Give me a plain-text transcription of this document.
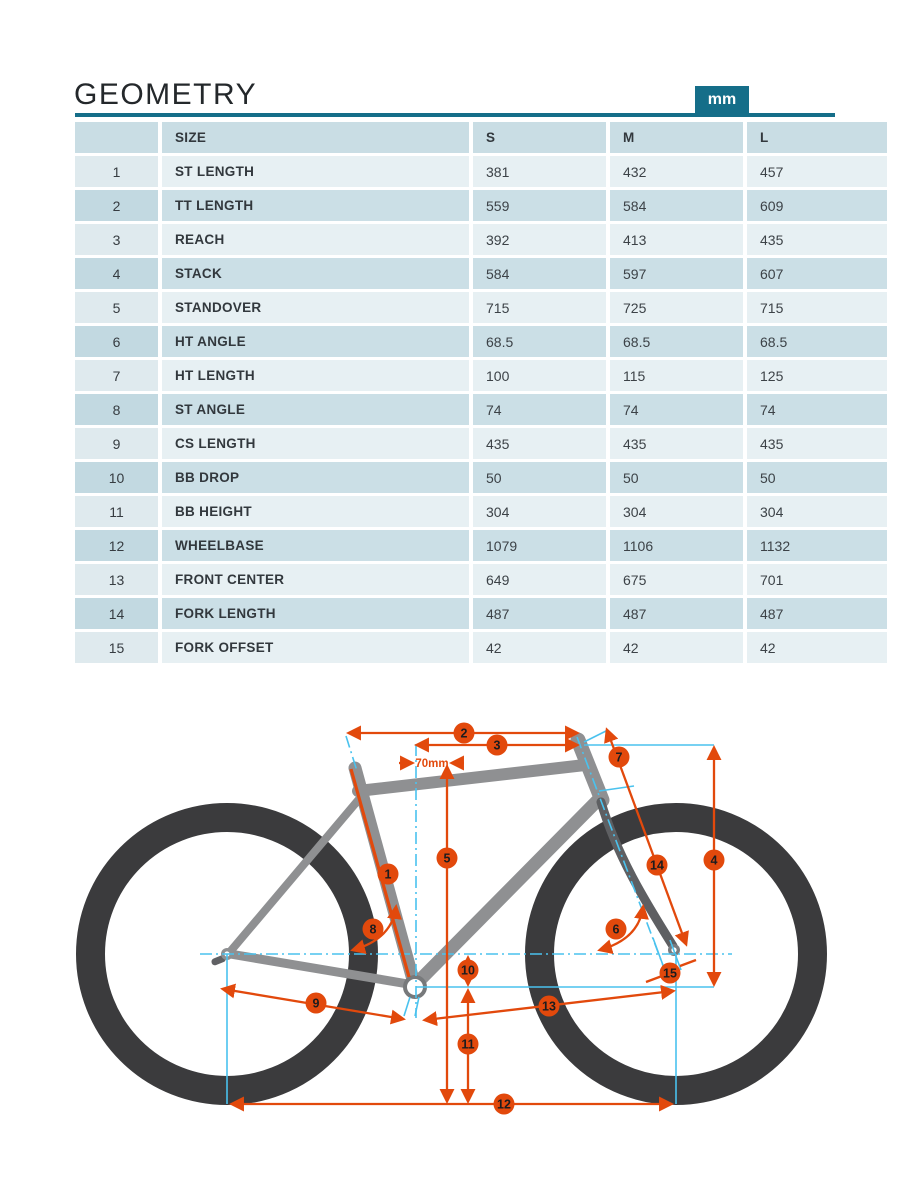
GEOMETRY	mm
	SIZE	S	M	L
1	ST LENGTH	381	432	457
2	TT LENGTH	559	584	609
3	REACH	392	413	435
4	STACK	584	597	607
5	STANDOVER	715	725	715
6	HT ANGLE	68.5	68.5	68.5
7	HT LENGTH	100	115	125
8	ST ANGLE	74	74	74
9	CS LENGTH	435	435	435
10	BB DROP	50	50	50
11	BB HEIGHT	304	304	304
12	WHEELBASE	1079	1106	1132
13	FRONT CENTER	649	675	701
14	FORK LENGTH	487	487	487
15	FORK OFFSET	42	42	42
70mm
1
2
3
4
5
6
7
8
9
10
11
12
13
14
15
